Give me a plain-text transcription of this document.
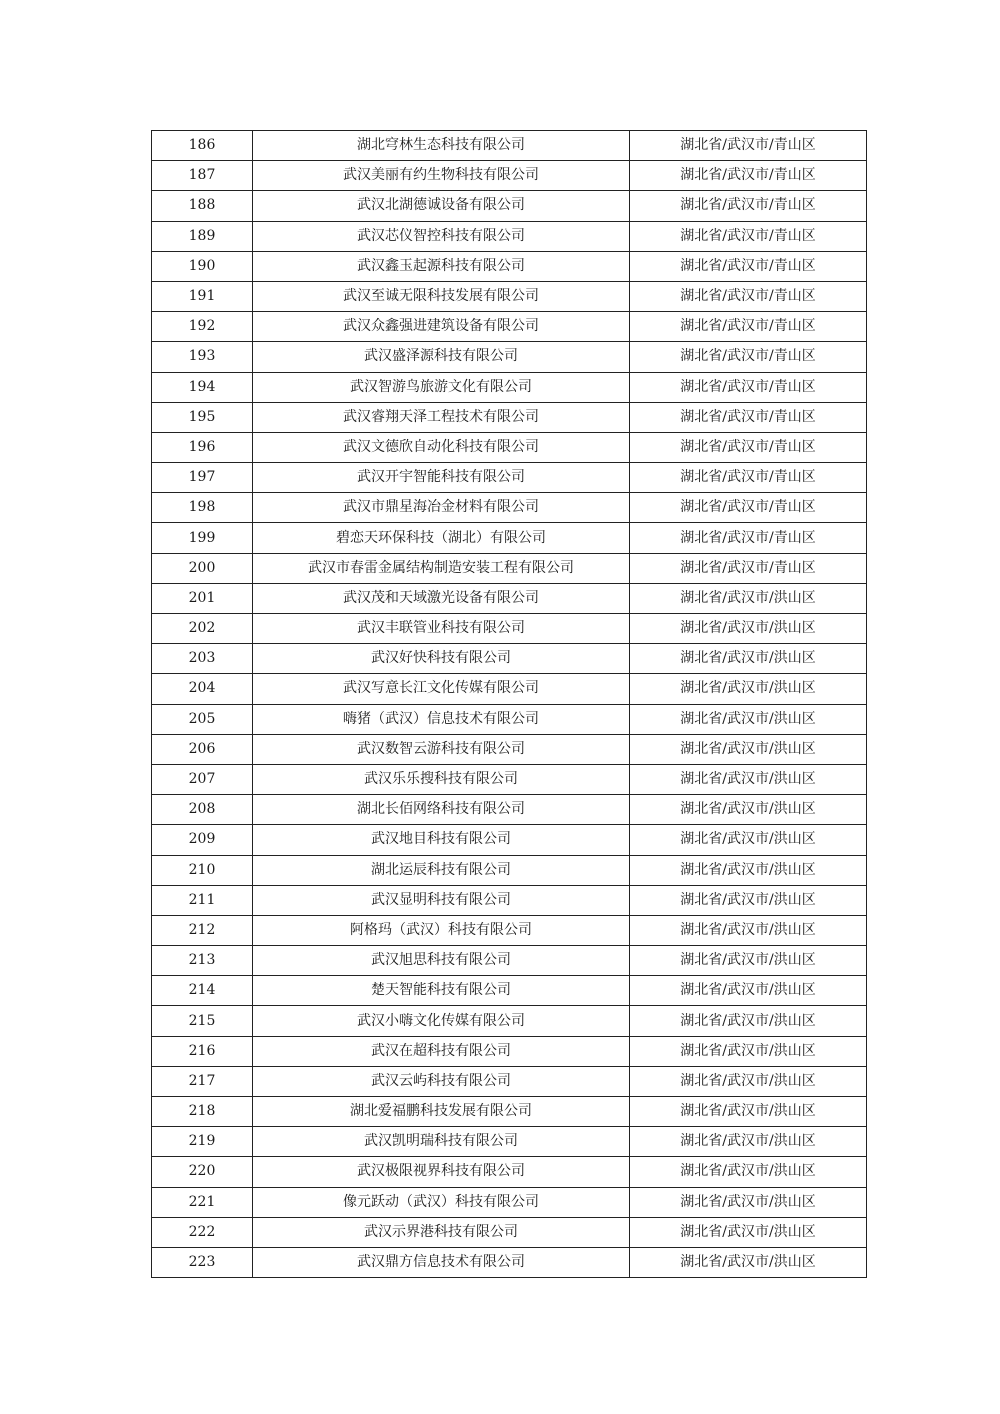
186	湖北穹林生态科技有限公司	湖北省/武汉市/青山区
187	武汉美丽有约生物科技有限公司	湖北省/武汉市/青山区
188	武汉北湖德诚设备有限公司	湖北省/武汉市/青山区
189	武汉芯仪智控科技有限公司	湖北省/武汉市/青山区
190	武汉鑫玉起源科技有限公司	湖北省/武汉市/青山区
191	武汉至诚无限科技发展有限公司	湖北省/武汉市/青山区
192	武汉众鑫强进建筑设备有限公司	湖北省/武汉市/青山区
193	武汉盛泽源科技有限公司	湖北省/武汉市/青山区
194	武汉智游鸟旅游文化有限公司	湖北省/武汉市/青山区
195	武汉睿翔天泽工程技术有限公司	湖北省/武汉市/青山区
196	武汉文德欣自动化科技有限公司	湖北省/武汉市/青山区
197	武汉开宇智能科技有限公司	湖北省/武汉市/青山区
198	武汉市鼎星海冶金材料有限公司	湖北省/武汉市/青山区
199	碧恋天环保科技（湖北）有限公司	湖北省/武汉市/青山区
200	武汉市春雷金属结构制造安装工程有限公司	湖北省/武汉市/青山区
201	武汉茂和天域激光设备有限公司	湖北省/武汉市/洪山区
202	武汉丰联管业科技有限公司	湖北省/武汉市/洪山区
203	武汉好快科技有限公司	湖北省/武汉市/洪山区
204	武汉写意长江文化传媒有限公司	湖北省/武汉市/洪山区
205	嗨猪（武汉）信息技术有限公司	湖北省/武汉市/洪山区
206	武汉数智云游科技有限公司	湖北省/武汉市/洪山区
207	武汉乐乐搜科技有限公司	湖北省/武汉市/洪山区
208	湖北长佰网络科技有限公司	湖北省/武汉市/洪山区
209	武汉地目科技有限公司	湖北省/武汉市/洪山区
210	湖北运辰科技有限公司	湖北省/武汉市/洪山区
211	武汉显明科技有限公司	湖北省/武汉市/洪山区
212	阿格玛（武汉）科技有限公司	湖北省/武汉市/洪山区
213	武汉旭思科技有限公司	湖北省/武汉市/洪山区
214	楚天智能科技有限公司	湖北省/武汉市/洪山区
215	武汉小嗨文化传媒有限公司	湖北省/武汉市/洪山区
216	武汉在超科技有限公司	湖北省/武汉市/洪山区
217	武汉云屿科技有限公司	湖北省/武汉市/洪山区
218	湖北爱福鹏科技发展有限公司	湖北省/武汉市/洪山区
219	武汉凯明瑞科技有限公司	湖北省/武汉市/洪山区
220	武汉极限视界科技有限公司	湖北省/武汉市/洪山区
221	像元跃动（武汉）科技有限公司	湖北省/武汉市/洪山区
222	武汉示界港科技有限公司	湖北省/武汉市/洪山区
223	武汉鼎方信息技术有限公司	湖北省/武汉市/洪山区
